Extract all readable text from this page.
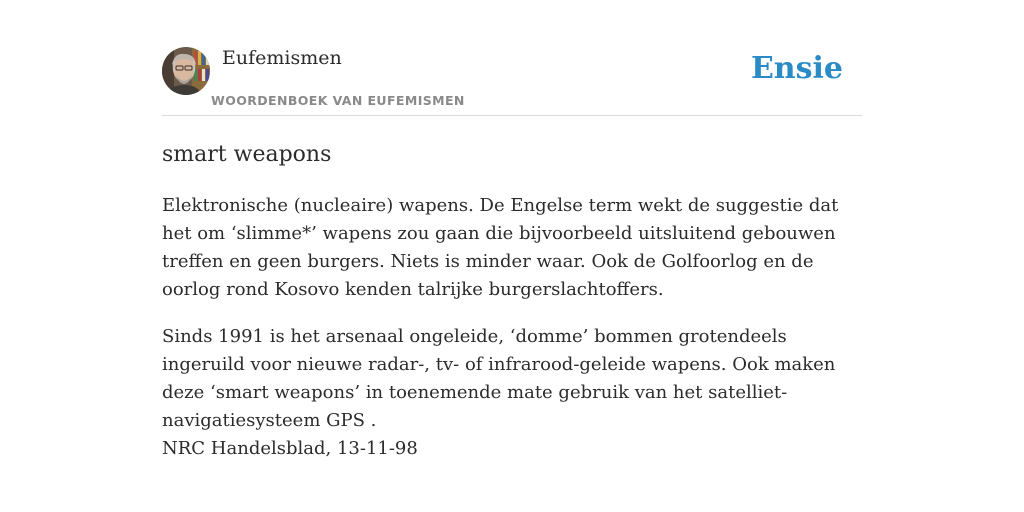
Eufemismen
WOORDENBOEK VAN EUFEMISMEN
Ensie
smart weapons

Elektronische (nucleaire) wapens. De Engelse term wekt de suggestie dat het om ‘slimme*’ wapens zou gaan die bijvoorbeeld uitsluitend gebouwen treffen en geen burgers. Niets is minder waar. Ook de Golfoorlog en de oorlog rond Kosovo kenden talrijke burgerslachtoffers.

Sinds 1991 is het arsenaal ongeleide, ‘domme’ bommen grotendeels ingeruild voor nieuwe radar-, tv- of infrarood-geleide wapens. Ook maken deze ‘smart weapons’ in toenemende mate gebruik van het satelliet-navigatiesysteem GPS .

NRC Handelsblad, 13-11-98
